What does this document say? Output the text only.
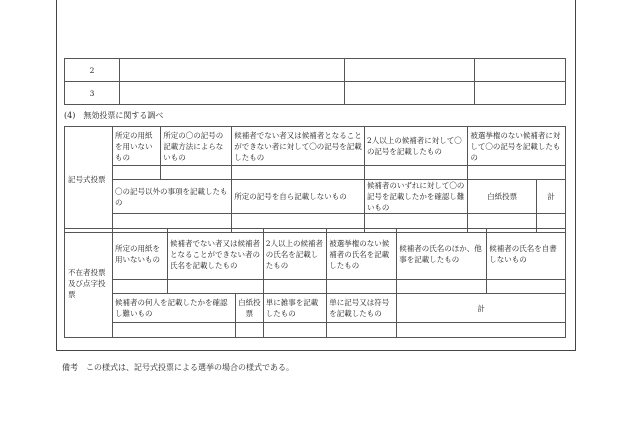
2			
3			
(4)　無効投票に関する調べ
記号式投票	所定の用紙を用いないもの	所定の〇の記号の記載方法によらないもの	候補者でない者又は候補者となることができない者に対して〇の記号を記載したもの	2人以上の候補者に対して〇の記号を記載したもの	被選挙権のない候補者に対して〇の記号を記載したもの	

	〇の記号以外の事項を記載したもの		所定の記号を自ら記載しないもの	候補者のいずれに対して〇の記号を記載したかを確認し難いもの	白紙投票	計

不在者投票及び点字投票	所定の用紙を用いないもの	候補者でない者又は候補者となることができない者の氏名を記載したもの		2人以上の候補者の氏名を記載したもの	被選挙権のない候補者の氏名を記載したもの	候補者の氏名のほか、他事を記載したもの	候補者の氏名を自書しないもの

	候補者の何人を記載したかを確認し難いもの		白紙投票	単に雑事を記載したもの	単に記号又は符号を記載したもの	計	

備考　この様式は、記号式投票による選挙の場合の様式である。
